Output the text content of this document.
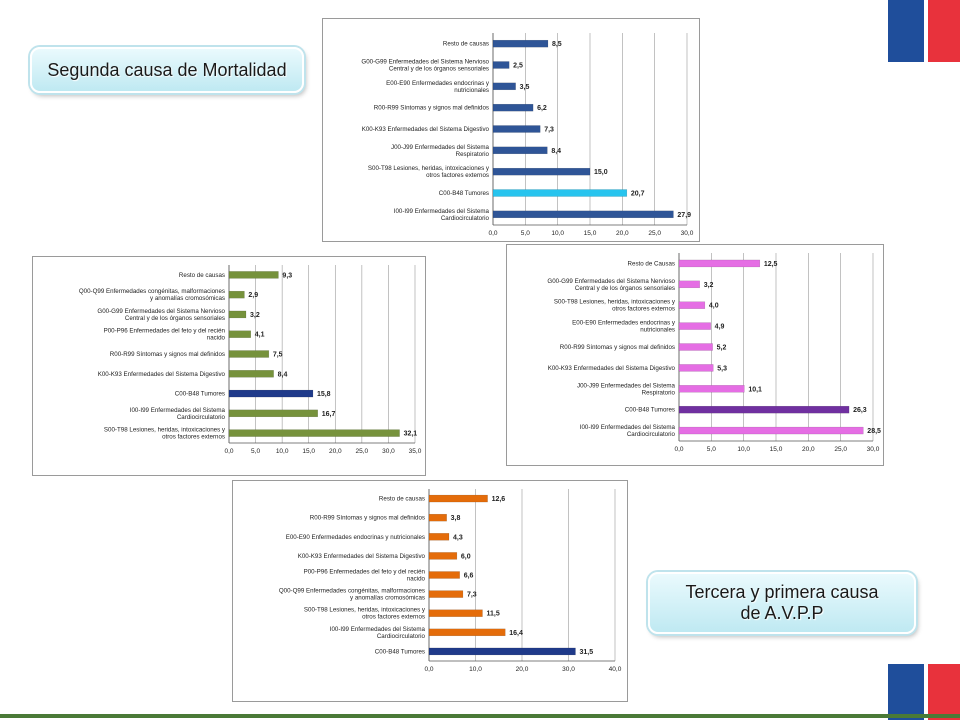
Segunda causa de Mortalidad
Tercera y primera causa de A.V.P.P
0,0	5,0	10,0	15,0	20,0	25,0	30,0
27,9
I00-I99 Enfermedades del Sistema Cardiocirculatorio
20,7
C00-B48 Tumores
15,0
S00-T98 Lesiones, heridas, intoxicaciones y otros factores externos
8,4
J00-J99 Enfermedades del Sistema Respiratorio
7,3
K00-K93 Enfermedades del Sistema Digestivo
6,2
R00-R99 Síntomas y signos mal definidos
3,5
E00-E90 Enfermedades endocrinas y nutricionales
2,5
G00-G99 Enfermedades del Sistema Nervioso Central y de los órganos sensoriales
8,5
Resto de causas
0,0	5,0 10,0 15,0 20,0 25,0 30,0 35,0
32,1
S00-T98 Lesiones, heridas, intoxicaciones y otros factores externos
16,7
I00-I99 Enfermedades del Sistema Cardiocirculatorio
15,8
C00-B48 Tumores
8,4
K00-K93 Enfermedades del Sistema Digestivo
7,5
R00-R99 Síntomas y signos mal definidos
4,1
P00-P96 Enfermedades del feto y del recién nacido
3,2
G00-G99 Enfermedades del Sistema Nervioso Central y de los órganos sensoriales
2,9
Q00-Q99 Enfermedades congénitas, malformaciones y anomalías cromosómicas
9,3
Resto de causas
0,0	5,0	10,0	15,0	20,0	25,0	30,0
28,5
I00-I99 Enfermedades del Sistema Cardiocirculatorio
26,3
C00-B48 Tumores
10,1
J00-J99 Enfermedades del Sistema Respiratorio
5,3
K00-K93 Enfermedades del Sistema Digestivo
5,2
R00-R99 Síntomas y signos mal definidos
4,9
E00-E90 Enfermedades endocrinas y nutricionales
4,0
S00-T98 Lesiones, heridas, intoxicaciones y otros factores externos
3,2
G00-G99 Enfermedades del Sistema Nervioso Central y de los órganos sensoriales
12,5
Resto de Causas
0,0	10,0	20,0	30,0	40,0
31,5
C00-B48 Tumores
16,4
I00-I99 Enfermedades del Sistema Cardiocirculatorio
11,5
S00-T98 Lesiones, heridas, intoxicaciones y otros factores externos
7,3
Q00-Q99 Enfermedades congénitas, malformaciones y anomalías cromosómicas
6,6
P00-P96 Enfermedades del feto y del recién nacido
6,0
K00-K93 Enfermedades del Sistema Digestivo
4,3
E00-E90 Enfermedades endocrinas y nutricionales
3,8
R00-R99 Síntomas y signos mal definidos
12,6
Resto de causas
